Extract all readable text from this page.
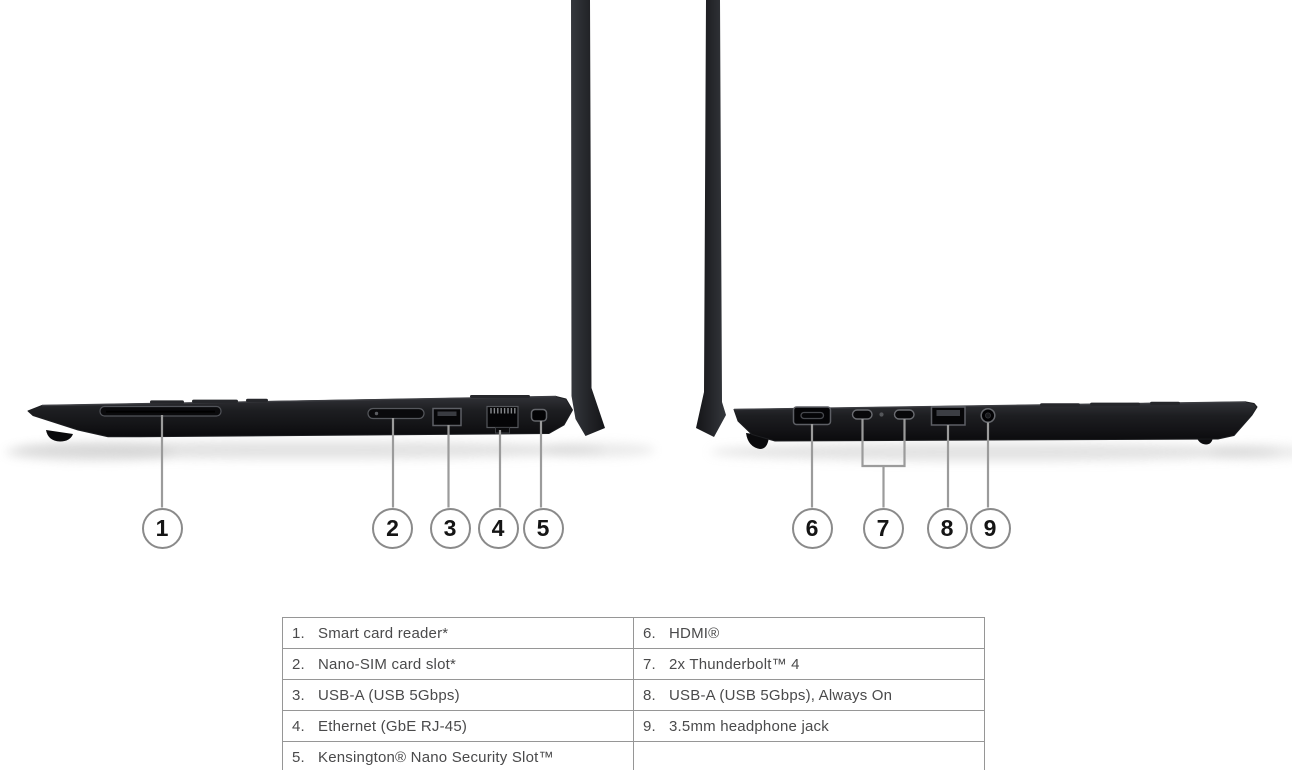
1	2	3	4	5	6	7	8	9
1. Smart card reader*	6. HDMI®
2. Nano-SIM card slot*	7. 2x Thunderbolt™ 4
3. USB-A (USB 5Gbps)	8. USB-A (USB 5Gbps), Always On
4. Ethernet (GbE RJ-45)	9. 3.5mm headphone jack
5. Kensington® Nano Security Slot™
